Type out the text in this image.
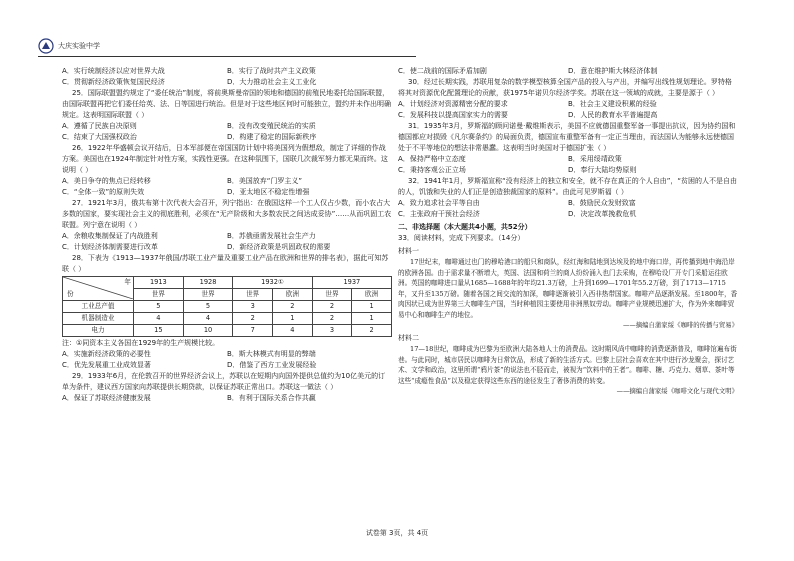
大庆实验中学
A．实行统制经济以应对世界大战	B．实行了战时共产主义政策
C．贯彻新经济政策恢复国民经济	D．大力推动社会主义工业化

25．国际联盟盟约规定了“委任统治”制度，将前奥斯曼帝国的领地和德国的前殖民地委托给国际联盟，由国际联盟再把它们委任给英、法、日等国进行统治。但是对于这些地区何时可能独立，盟约并未作出明确规定。这表明国际联盟（ ）

A．遵循了民族自决原则	B．没有改变殖民统治的实质
C．结束了大国强权政治	D．构建了稳定的国际新秩序

26．1922年华盛顿会议开结后，日本军部便在帝国国防计划中将美国列为假想敌，制定了详细的作战方案。美国也在1924年制定针对性方案，实践性更强。在这种氛围下，国联几次裁军努力都无果而终。这说明（ ）

A．美日争夺的焦点已经转移	B．美国放弃“门罗主义”
C．“全体一致”的原则失效	D．亚太地区不稳定性增强

27．1921年3月，俄共布第十次代表大会召开，列宁指出：在俄国这样一个工人仅占少数，而小农占大多数的国家，要实现社会主义的彻底胜利，必须在“无产阶级和大多数农民之间达成妥协”……从而巩固工农联盟。列宁意在说明（ ）

A．余粮收集制保证了内战胜利	B．苏俄亟需发展社会生产力
C．计划经济体制需要进行改革	D．新经济政策是巩固政权的需要

28．下表为《1913—1937年俄国/苏联工业产量及重要工业产品在欧洲和世界的排名表》，据此可知苏联（ ）

年
份	1913	1928	1932①		1937	
	世界	世界	世界	欧洲	世界	欧洲
工业总产值	5	5	3	2	2	1
机器制造业	4	4	2	1	2	1
电力	15	10	7	4	3	2

注：①同资本主义各国在1929年的生产规模比较。

A．实施新经济政策的必要性	B．斯大林模式有明显的弊端
C．优先发展重工业成效显著	D．借鉴了西方工业发展经验

29．1933年6月，在伦敦召开的世界经济会议上，苏联以在短期内向国外提供总值约为10亿美元的订单为条件，建议西方国家向苏联提供长期贷款，以保证苏联正常出口。苏联这一做法（ ）

A．保证了苏联经济健康发展	B．有利于国际关系合作共赢
C．使二战前的国际矛盾加剧	D．意在维护斯大林经济体制

30．经过长期实践，苏联用复杂的数学模型核算全国产品的投入与产出，并编写出线性规划理论。罗特格将其对资源优化配置理论的贡献，获1975年诺贝尔经济学奖。苏联在这一领域的成就，主要是源于（ ）

A．计划经济对资源精密分配的要求	B．社会主义建设积累的经验
C．发展科技以提高国家实力的需要	D．人民的教育水平普遍提高

31．1935年3月，罗斯福的顾问诺曼·戴维斯表示，美国不应就德国重整军备一事提出抗议，因为协约国和德国都应对损毁《凡尔赛条约》的局面负责，德国宣布重整军备有一定正当理由，而法国认为能够永远使德国处于不平等地位的想法非常愚蠢。这表明当时美国对于德国扩张（ ）

A．保持严格中立态度	B．采用绥靖政策
C．秉持客观公正立场	D．奉行大陆均势原则

32．1941年1月，罗斯福宣称“没有经济上的独立和安全，就不存在真正的个人自由”，“贫困的人不是自由的人，饥饿和失业的人们正是创造独裁国家的原料”。由此可见罗斯福（ ）

A．致力追求社会平等自由	B．鼓励民众发财致富
C．主张政府干预社会经济	D．决定改革挽救危机

二、非选择题（本大题共4小题，共52分）

33．阅读材料，完成下列要求。（14分）

材料一

17世纪末，咖啡通过也门的穆哈港口的船只和商队，经红海和陆地到达埃及的地中海口岸，再传播到地中海沿岸的欧洲各国。由于需求量不断增大，英国、法国和荷兰的商人纷纷涌入也门去采购，在穆哈设厂开专门采船运往欧洲。英国的咖啡进口量从1685—1688年的年均21.3万磅，上升到1699—1701年55.2万磅，到了1713—1715年，又升至135万磅。随着各国之间交流的加深，咖啡逐渐被引入西非热带国家。咖啡产品逐渐发展。至1800年，香肉因状已成为世界第三大咖啡生产国，当时种植园主要使用非洲黑奴劳动。咖啡产业规模迅速扩大，作为外来咖啡贸易中心和咖啡生产的地位。

——摘编自蒲家绥《咖啡的传播与贸易》

材料二

17—18世纪，咖啡成为巴黎为至欧洲大陆各地人士的消费品。这时期风尚中咖啡的消费逐渐普及，咖啡馆遍布街巷。与此同时，城市居民以咖啡为日常饮品，形成了新的生活方式。巴黎上层社会喜欢在其中进行沙龙聚会，探讨艺术、文学和政治，这里所谓“鸦片茶”的说法也不胫而走，被视为“饮料中的王者”。咖啡、糖、巧克力、烟草、茶叶等这些“成瘾性食品”以及稳定获得这些东西的途径发生了奢侈消费的转变。

——摘编自蒲家绥《咖啡文化与现代文明》

试卷第 3页，共 4页
